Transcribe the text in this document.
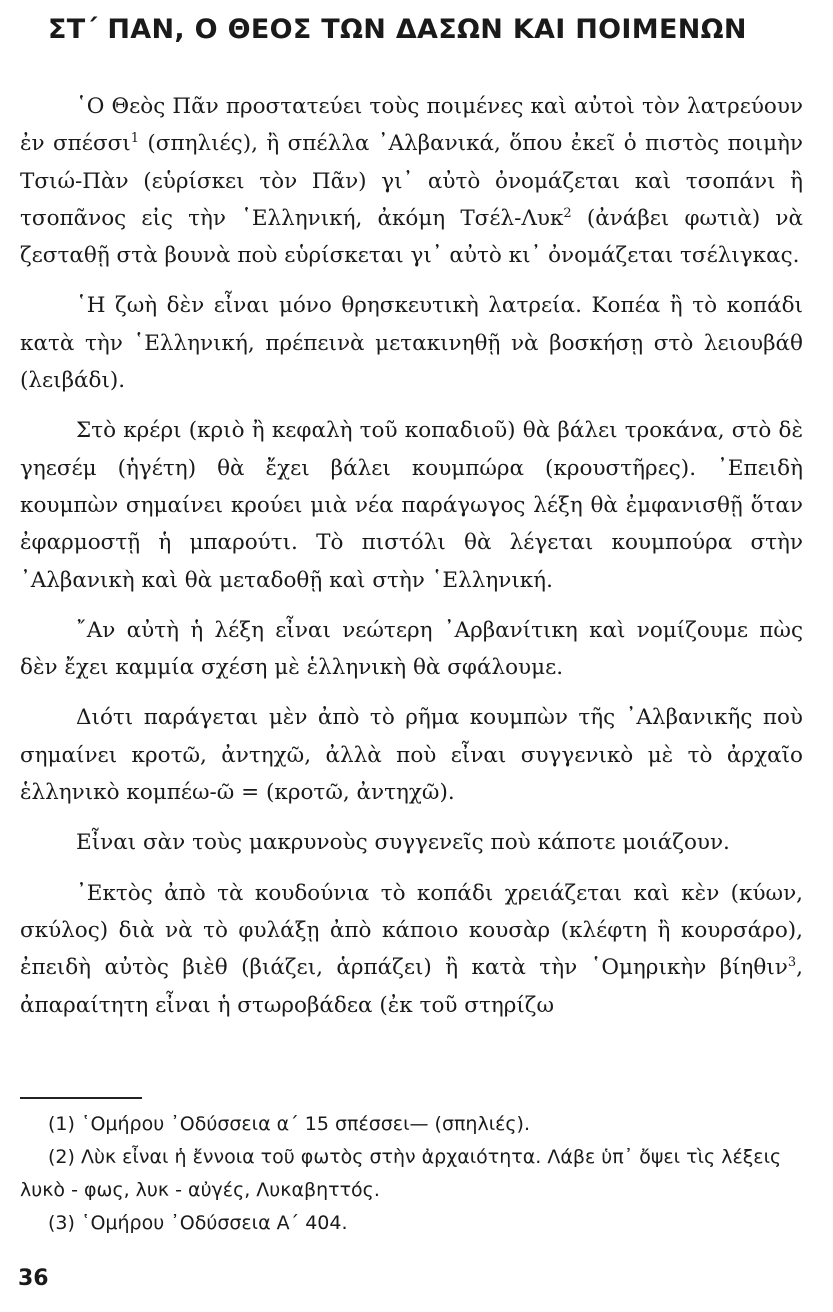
ΣΤ΄ ΠΑΝ, Ο ΘΕΟΣ ΤΩΝ ΔΑΣΩΝ ΚΑΙ ΠΟΙΜΕΝΩΝ

῾Ο Θεὸς Πᾶν προστατεύει τοὺς ποιμένες καὶ αὐτοὶ τὸν λατρεύουν ἐν σπέσσι$^1$ (σπηλιές), ἢ σπέλλα ᾿Αλβανικά, ὅπου ἐκεῖ ὁ πιστὸς ποιμὴν Τσιώ-Πὰν (εὑρίσκει τὸν Πᾶν) γι᾿ αὐτὸ ὀνομάζεται καὶ τσοπάνι ἢ τσοπᾶνος εἰς τὴν ῾Ελληνική, ἀκόμη Τσέλ-Λυκ$^2$ (ἀνάβει φωτιὰ) νὰ ζεσταθῇ στὰ βουνὰ ποὺ εὑρίσκεται γι᾿ αὐτὸ κι᾿ ὀνομάζεται τσέλιγκας.

῾Η ζωὴ δὲν εἶναι μόνο θρησκευτικὴ λατρεία. Κοπέα ἢ τὸ κοπάδι κατὰ τὴν ῾Ελληνική, πρέπεινὰ μετακινηθῇ νὰ βοσκήσῃ στὸ λειουβάθ (λειβάδι).

Στὸ κρέρι (κριὸ ἢ κεφαλὴ τοῦ κοπαδιοῦ) θὰ βάλει τροκάνα, στὸ δὲ γηεσέμ (ἡγέτη) θὰ ἔχει βάλει κουμπώρα (κρουστῆρες). ᾿Επειδὴ κουμπὼν σημαίνει κρούει μιὰ νέα παράγωγος λέξη θὰ ἐμφανισθῇ ὅταν ἐφαρμοστῇ ἡ μπαρούτι. Τὸ πιστόλι θὰ λέγεται κουμπούρα στὴν ᾿Αλβανικὴ καὶ θὰ μεταδοθῇ καὶ στὴν ῾Ελληνική.

῎Αν αὐτὴ ἡ λέξη εἶναι νεώτερη ᾿Αρβανίτικη καὶ νομίζουμε πὼς δὲν ἔχει καμμία σχέση μὲ ἑλληνικὴ θὰ σφάλουμε.

Διότι παράγεται μὲν ἀπὸ τὸ ρῆμα κουμπὼν τῆς ᾿Αλβανικῆς ποὺ σημαίνει κροτῶ, ἀντηχῶ, ἀλλὰ ποὺ εἶναι συγγενικὸ μὲ τὸ ἀρχαῖο ἑλληνικὸ κομπέω-ῶ = (κροτῶ, ἀντηχῶ).

Εἶναι σὰν τοὺς μακρυνοὺς συγγενεῖς ποὺ κάποτε μοιάζουν.

᾿Εκτὸς ἀπὸ τὰ κουδούνια τὸ κοπάδι χρειάζεται καὶ κὲν (κύων, σκύλος) διὰ νὰ τὸ φυλάξῃ ἀπὸ κάποιο κουσὰρ (κλέφτη ἢ κουρσάρο), ἐπειδὴ αὐτὸς βιὲθ (βιάζει, ἁρπάζει) ἢ κατὰ τὴν ῾Ομηρικὴν βίηθιν$^3$, ἀπαραίτητη εἶναι ἡ στωροβάδεα (ἐκ τοῦ στηρίζω

(1) ῾Ομήρου ᾿Οδύσσεια α΄ 15 σπέσσει— (σπηλιές).

(2) Λὺκ εἶναι ἡ ἔννοια τοῦ φωτὸς στὴν ἀρχαιότητα. Λάβε ὑπ᾿ ὄψει τὶς λέξεις λυκὸ - φως, λυκ - αὐγές, Λυκαβηττός.

(3) ῾Ομήρου ᾿Οδύσσεια Α΄ 404.

36
